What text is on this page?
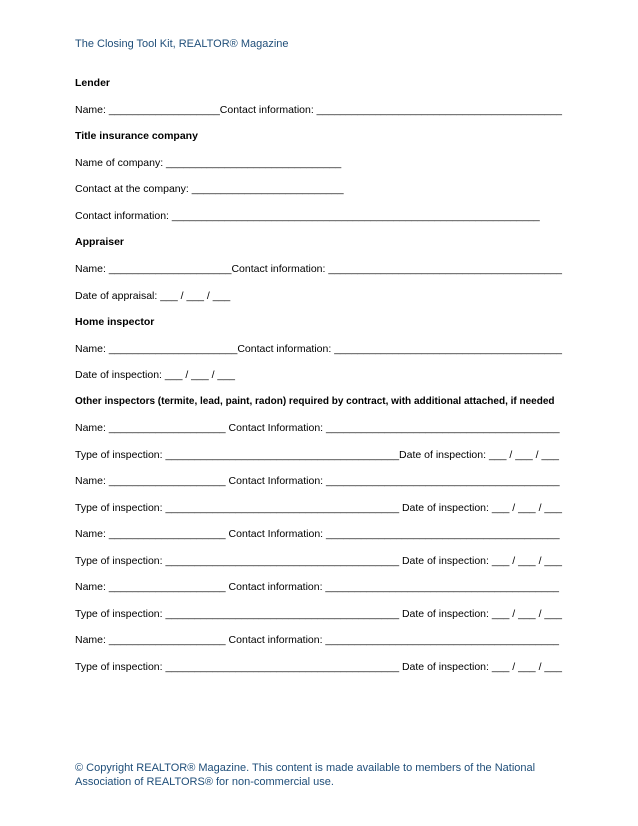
The Closing Tool Kit, REALTOR® Magazine
Lender
Name: ___________________Contact information: __________________________________________
Title insurance company
Name of company: ______________________________
Contact at the company: __________________________
Contact information: _______________________________________________________________
Appraiser
Name: _____________________Contact information: ________________________________________
Date of appraisal: ___ / ___ / ___
Home inspector
Name: ______________________Contact information: _______________________________________
Date of inspection: ___ / ___ / ___
Other inspectors (termite, lead, paint, radon) required by contract, with additional attached, if needed
Name: ____________________ Contact Information: ________________________________________
Type of inspection: ________________________________________Date of inspection: ___ / ___ / ___
Name: ____________________ Contact Information: ________________________________________
Type of inspection: ________________________________________ Date of inspection: ___ / ___ / ___
Name: ____________________ Contact Information: ________________________________________
Type of inspection: ________________________________________ Date of inspection: ___ / ___ / ___
Name: ____________________ Contact information: ________________________________________
Type of inspection: ________________________________________ Date of inspection: ___ / ___ / ___
Name: ____________________ Contact information: ________________________________________
Type of inspection: ________________________________________ Date of inspection: ___ / ___ / ___
© Copyright REALTOR® Magazine. This content is made available to members of the National Association of REALTORS® for non-commercial use.
